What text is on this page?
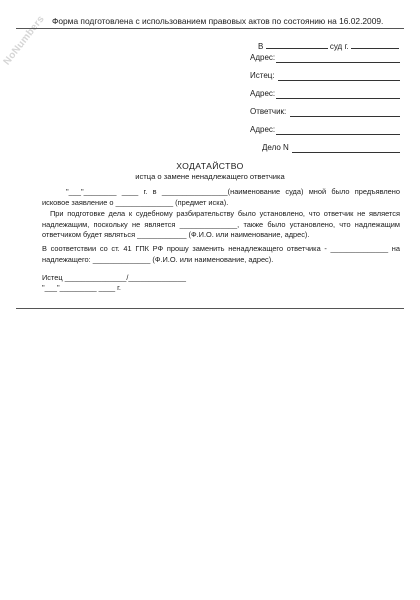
NoNumbers Форма подготовлена с использованием правовых актов по состоянию на 16.02.2009.
В	суд г.
Адрес:
Истец:
Адрес:
Ответчик:
Адрес:
Дело N
ХОДАТАЙСТВО
истца о замене ненадлежащего ответчика
"___"________ ____ г. в ________________(наименование суда) мной было предъявлено исковое заявление о ______________ (предмет иска).
При подготовке дела к судебному разбирательству было установлено, что ответчик не является надлежащим, поскольку не является ______________, также было установлено, что надлежащим ответчиком будет являться ____________ (Ф.И.О. или наименование, адрес).
В соответствии со ст. 41 ГПК РФ прошу заменить ненадлежащего ответчика - ______________ на надлежащего: ______________ (Ф.И.О. или наименование, адрес).
Истец _______________/______________
"___"_________ ____ г.
